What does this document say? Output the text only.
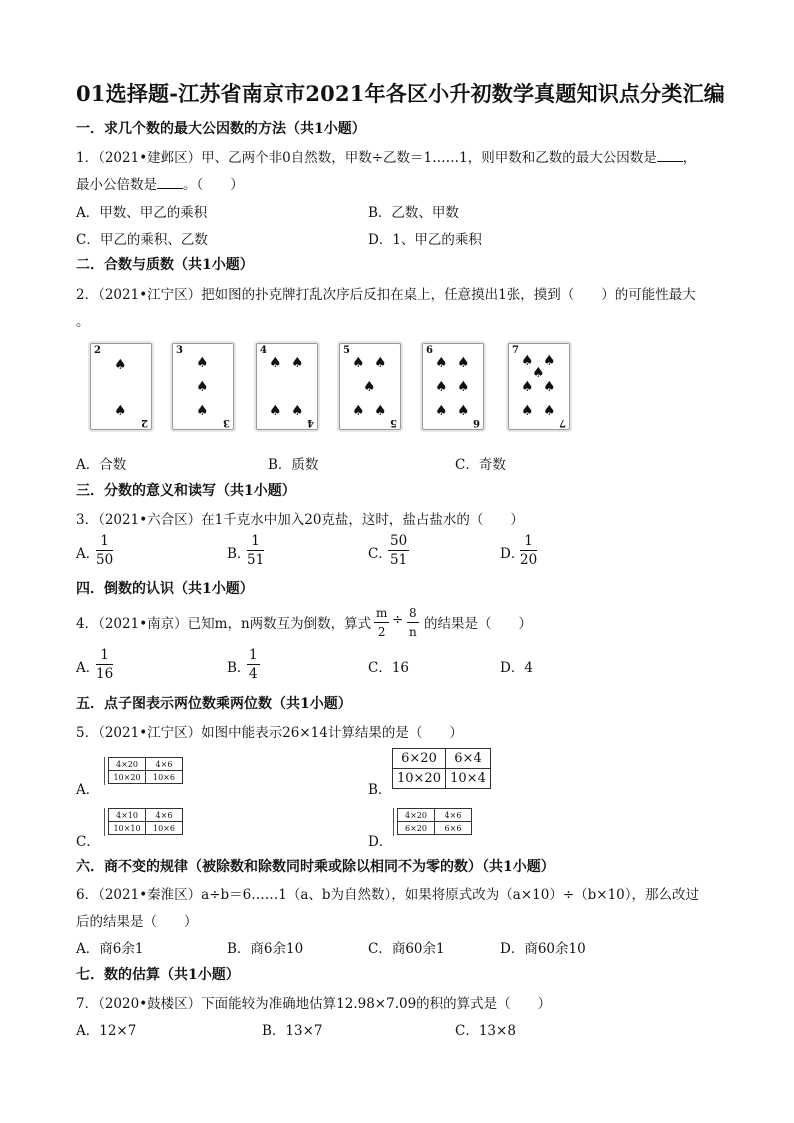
01选择题-江苏省南京市2021年各区小升初数学真题知识点分类汇编
一．求几个数的最大公因数的方法（共1小题）
1．（2021•建邺区）甲、乙两个非0自然数，甲数÷乙数＝1……1，则甲数和乙数的最大公因数是 ，
最小公倍数是 。（　　）
A．甲数、甲乙的乘积	B．乙数、甲数
C．甲乙的乘积、乙数	D．1、甲乙的乘积
二．合数与质数（共1小题）
2．（2021•江宁区）把如图的扑克牌打乱次序后反扣在桌上，任意摸出1张，摸到（　　）的可能性最大
。
2
♠
♠
2
3
♠
♠
♠
3
4
♠ ♠
♠ ♠
4
5
♠ ♠
♠
♠ ♠
5
6
♠ ♠
♠ ♠
♠ ♠
6
7
♠ ♠
♠
♠ ♠
♠ ♠
7
A．合数	B．质数	C．奇数
三．分数的意义和读写（共1小题）
3．（2021•六合区）在1千克水中加入20克盐，这时，盐占盐水的（　　）
A．
$\frac{1}{50}$	B．
$\frac{1}{51}$	C．
$\frac{50}{51}$	D．
$\frac{1}{20}$
四．倒数的认识（共1小题）
4．（2021•南京）已知m，n两数互为倒数，算式 $\frac{m}{2} \div \frac{8}{n}$ 的结果是（　　）
A．
$\frac{1}{16}$	B．
$\frac{1}{4}$	C．16	D．4
五．点子图表示两位数乘两位数（共1小题）
5．（2021•江宁区）如图中能表示26×14计算结果的是（　　）
A．
4×20	4×6
10×20	10×6
B．
6×20	6×4
10×20	10×4
C．
4×10	4×6
10×10	10×6
D．
4×20	4×6
6×20	6×6
六．商不变的规律（被除数和除数同时乘或除以相同不为零的数）（共1小题）
6．（2021•秦淮区）a÷b＝6……1（a、b为自然数），如果将原式改为（a×10）÷（b×10），那么改过
后的结果是（　　）
A．商6余1	B．商6余10	C．商60余1	D．商60余10
七．数的估算（共1小题）
7．（2020•鼓楼区）下面能较为准确地估算12.98×7.09的积的算式是（　　）
A．12×7	B．13×7	C．13×8
